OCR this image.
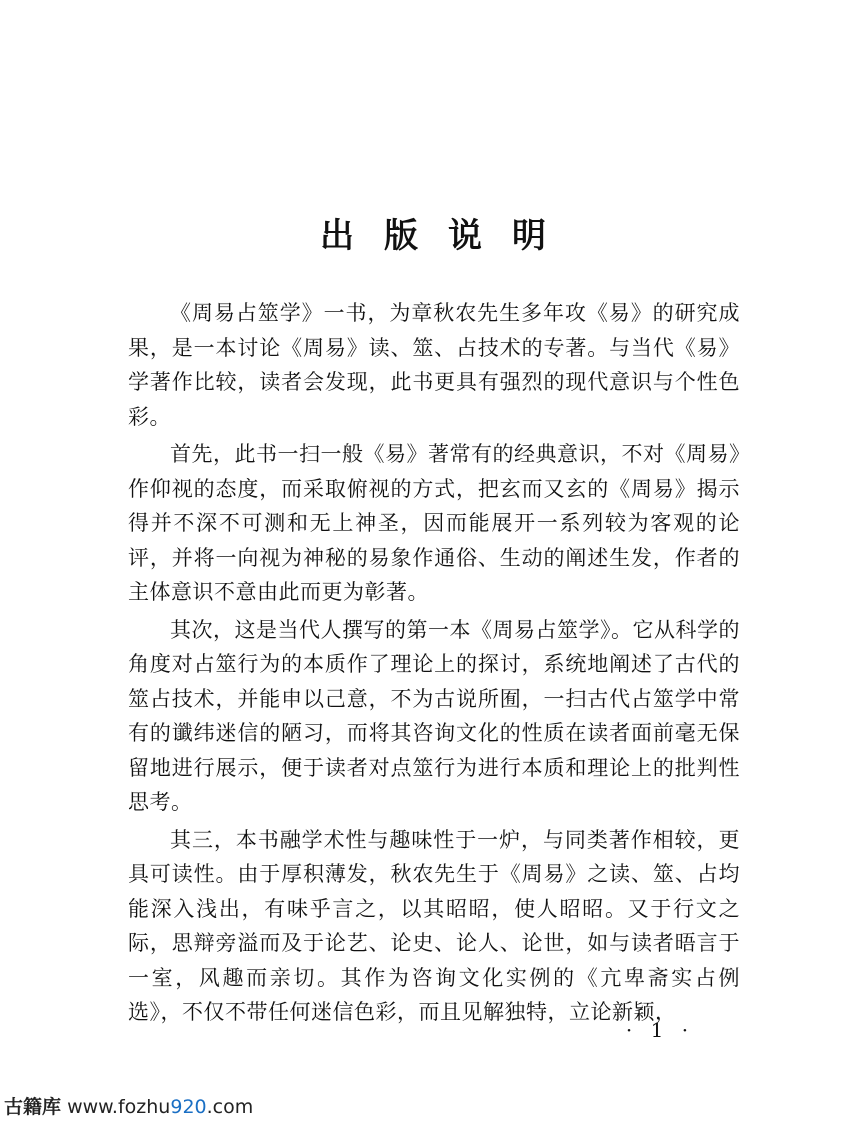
出版说明

《周易占筮学》一书，为章秋农先生多年攻《易》的研究成果，是一本讨论《周易》读、筮、占技术的专著。与当代《易》学著作比较，读者会发现，此书更具有强烈的现代意识与个性色彩。

首先，此书一扫一般《易》著常有的经典意识，不对《周易》作仰视的态度，而采取俯视的方式，把玄而又玄的《周易》揭示得并不深不可测和无上神圣，因而能展开一系列较为客观的论评，并将一向视为神秘的易象作通俗、生动的阐述生发，作者的主体意识不意由此而更为彰著。

其次，这是当代人撰写的第一本《周易占筮学》。它从科学的角度对占筮行为的本质作了理论上的探讨，系统地阐述了古代的筮占技术，并能申以己意，不为古说所囿，一扫古代占筮学中常有的谶纬迷信的陋习，而将其咨询文化的性质在读者面前毫无保留地进行展示，便于读者对点筮行为进行本质和理论上的批判性思考。

其三，本书融学术性与趣味性于一炉，与同类著作相较，更具可读性。由于厚积薄发，秋农先生于《周易》之读、筮、占均能深入浅出，有味乎言之，以其昭昭，使人昭昭。又于行文之际，思辩旁溢而及于论艺、论史、论人、论世，如与读者晤言于一室，风趣而亲切。其作为咨询文化实例的《亢卑斋实占例选》，不仅不带任何迷信色彩，而且见解独特，立论新颖，

· 1 ·
古籍库 www.fozhu920.com
